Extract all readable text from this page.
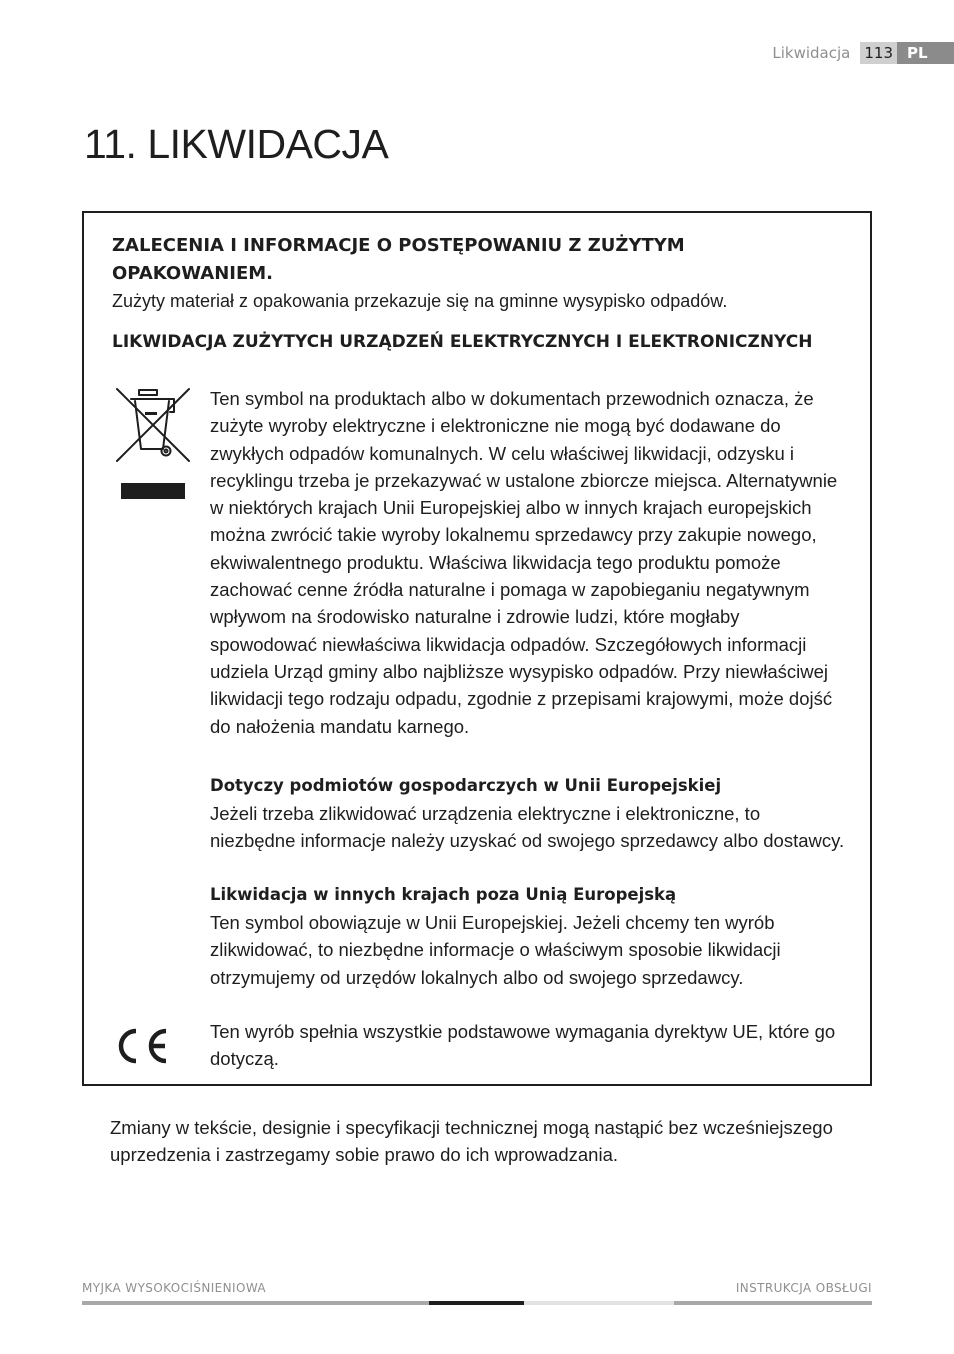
Likwidacja 113 PL
11. LIKWIDACJA
ZALECENIA I INFORMACJE O POSTĘPOWANIU Z ZUŻYTYM OPAKOWANIEM.

Zużyty materiał z opakowania przekazuje się na gminne wysypisko odpadów.

LIKWIDACJA ZUŻYTYCH URZĄDZEŃ ELEKTRYCZNYCH I ELEKTRONICZNYCH

Ten symbol na produktach albo w dokumentach przewodnich oznacza, że zużyte wyroby elektryczne i elektroniczne nie mogą być dodawane do zwykłych odpadów komunalnych. W celu właściwej likwidacji, odzysku i recyklingu trzeba je przekazywać w ustalone zbiorcze miejsca. Alternatywnie w niektórych krajach Unii Europejskiej albo w innych krajach europejskich można zwrócić takie wyroby lokalnemu sprzedawcy przy zakupie nowego, ekwiwalentnego produktu. Właściwa likwidacja tego produktu pomoże zachować cenne źródła naturalne i pomaga w zapobieganiu negatywnym wpływom na środowisko naturalne i zdrowie ludzi, które mogłaby spowodować niewłaściwa likwidacja odpadów. Szczegółowych informacji udziela Urząd gminy albo najbliższe wysypisko odpadów. Przy niewłaściwej likwidacji tego rodzaju odpadu, zgodnie z przepisami krajowymi, może dojść do nałożenia mandatu karnego.

Dotyczy podmiotów gospodarczych w Unii Europejskiej

Jeżeli trzeba zlikwidować urządzenia elektryczne i elektroniczne, to niezbędne informacje należy uzyskać od swojego sprzedawcy albo dostawcy.

Likwidacja w innych krajach poza Unią Europejską

Ten symbol obowiązuje w Unii Europejskiej. Jeżeli chcemy ten wyrób zlikwidować, to niezbędne informacje o właściwym sposobie likwidacji otrzymujemy od urzędów lokalnych albo od swojego sprzedawcy.

Ten wyrób spełnia wszystkie podstawowe wymagania dyrektyw UE, które go dotyczą.

Zmiany w tekście, designie i specyfikacji technicznej mogą nastąpić bez wcześniejszego uprzedzenia i zastrzegamy sobie prawo do ich wprowadzania.

MYJKA WYSOKOCIŚNIENIOWA	INSTRUKCJA OBSŁUGI
